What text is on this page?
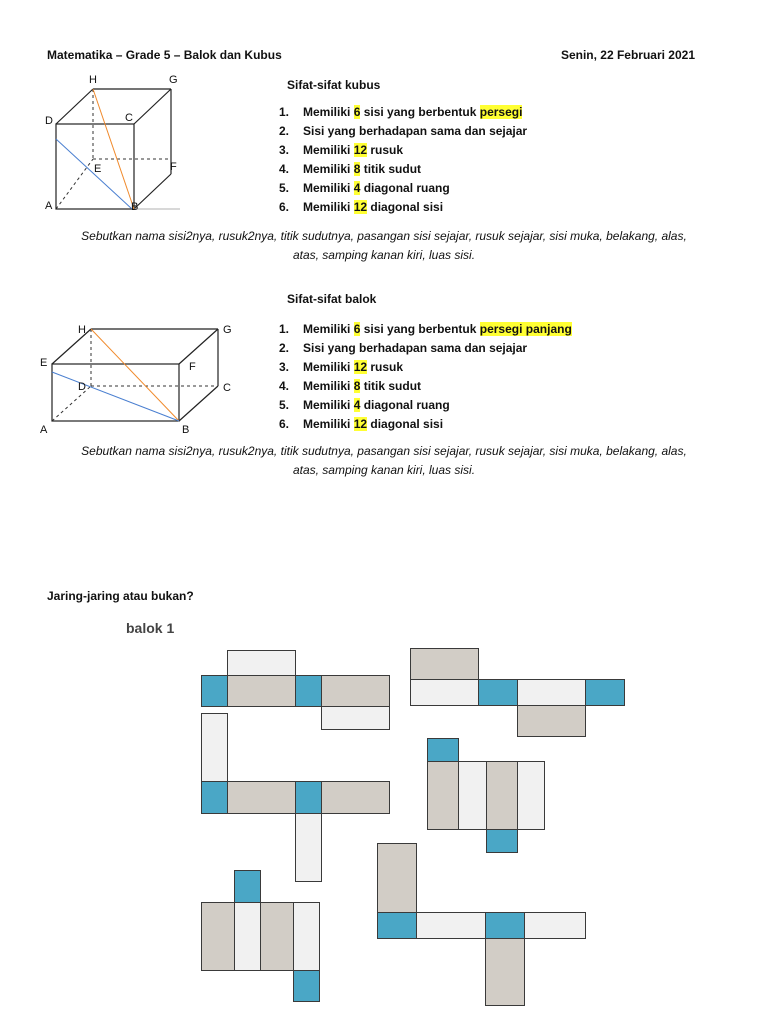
Matematika – Grade 5 – Balok dan Kubus	Senin, 22 Februari 2021
H	G
D	C
E	F
A	B
Sifat-sifat kubus
1. Memiliki 6 sisi yang berbentuk persegi
2. Sisi yang berhadapan sama dan sejajar
3. Memiliki 12 rusuk
4. Memiliki 8 titik sudut
5. Memiliki 4 diagonal ruang
6. Memiliki 12 diagonal sisi
Sebutkan nama sisi2nya, rusuk2nya, titik sudutnya, pasangan sisi sejajar, rusuk sejajar, sisi muka, belakang, alas,
atas, samping kanan kiri, luas sisi.
H	G
E	F
D	C
A	B
Sifat-sifat balok
1. Memiliki 6 sisi yang berbentuk persegi panjang
2. Sisi yang berhadapan sama dan sejajar
3. Memiliki 12 rusuk
4. Memiliki 8 titik sudut
5. Memiliki 4 diagonal ruang
6. Memiliki 12 diagonal sisi
Sebutkan nama sisi2nya, rusuk2nya, titik sudutnya, pasangan sisi sejajar, rusuk sejajar, sisi muka, belakang, alas,
atas, samping kanan kiri, luas sisi.
Jaring-jaring atau bukan?
balok 1
